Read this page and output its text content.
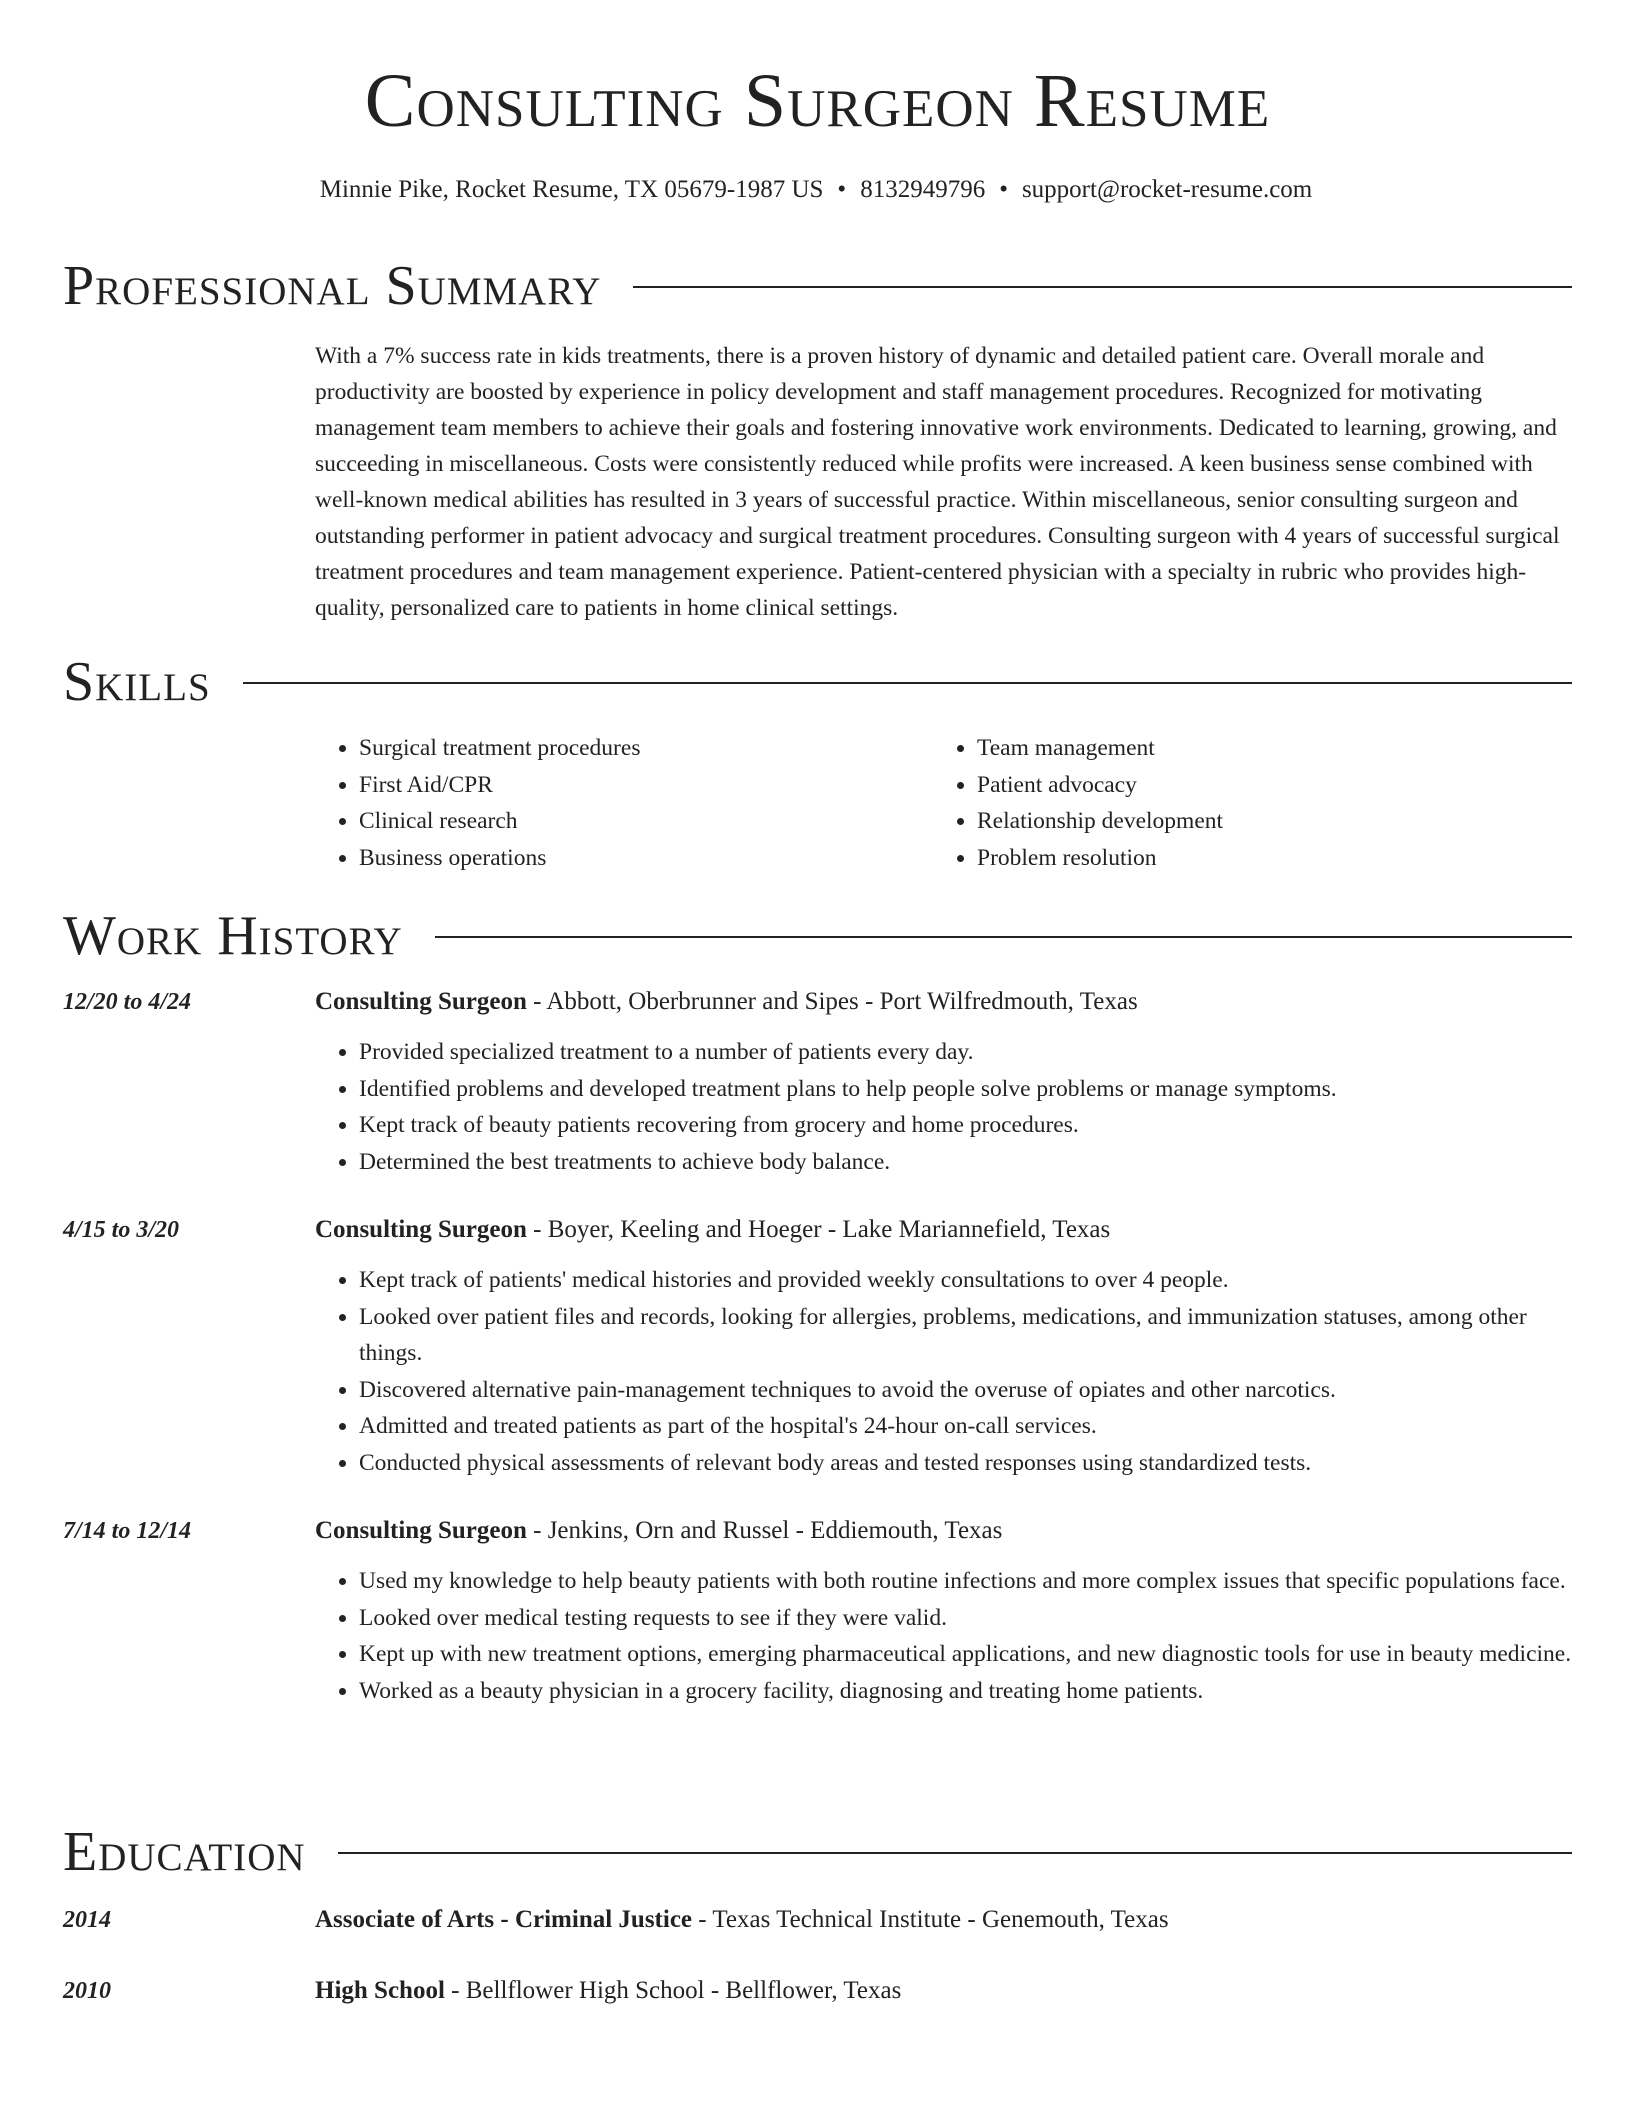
Consulting Surgeon Resume
Minnie Pike, Rocket Resume, TX 05679-1987 US • 8132949796 • support@rocket-resume.com
Professional Summary
With a 7% success rate in kids treatments, there is a proven history of dynamic and detailed patient care. Overall morale and productivity are boosted by experience in policy development and staff management procedures. Recognized for motivating management team members to achieve their goals and fostering innovative work environments. Dedicated to learning, growing, and succeeding in miscellaneous. Costs were consistently reduced while profits were increased. A keen business sense combined with well-known medical abilities has resulted in 3 years of successful practice. Within miscellaneous, senior consulting surgeon and outstanding performer in patient advocacy and surgical treatment procedures. Consulting surgeon with 4 years of successful surgical treatment procedures and team management experience. Patient-centered physician with a specialty in rubric who provides high-quality, personalized care to patients in home clinical settings.
Skills
• Surgical treatment procedures
• First Aid/CPR
• Clinical research
• Business operations
• Team management
• Patient advocacy
• Relationship development
• Problem resolution
Work History
12/20 to 4/24	Consulting Surgeon - Abbott, Oberbrunner and Sipes - Port Wilfredmouth, Texas
• Provided specialized treatment to a number of patients every day.
• Identified problems and developed treatment plans to help people solve problems or manage symptoms.
• Kept track of beauty patients recovering from grocery and home procedures.
• Determined the best treatments to achieve body balance.
4/15 to 3/20	Consulting Surgeon - Boyer, Keeling and Hoeger - Lake Mariannefield, Texas
• Kept track of patients' medical histories and provided weekly consultations to over 4 people.
• Looked over patient files and records, looking for allergies, problems, medications, and immunization statuses, among other things.
• Discovered alternative pain-management techniques to avoid the overuse of opiates and other narcotics.
• Admitted and treated patients as part of the hospital's 24-hour on-call services.
• Conducted physical assessments of relevant body areas and tested responses using standardized tests.
7/14 to 12/14	Consulting Surgeon - Jenkins, Orn and Russel - Eddiemouth, Texas
• Used my knowledge to help beauty patients with both routine infections and more complex issues that specific populations face.
• Looked over medical testing requests to see if they were valid.
• Kept up with new treatment options, emerging pharmaceutical applications, and new diagnostic tools for use in beauty medicine.
• Worked as a beauty physician in a grocery facility, diagnosing and treating home patients.
Education
2014	Associate of Arts - Criminal Justice - Texas Technical Institute - Genemouth, Texas
2010	High School - Bellflower High School - Bellflower, Texas
